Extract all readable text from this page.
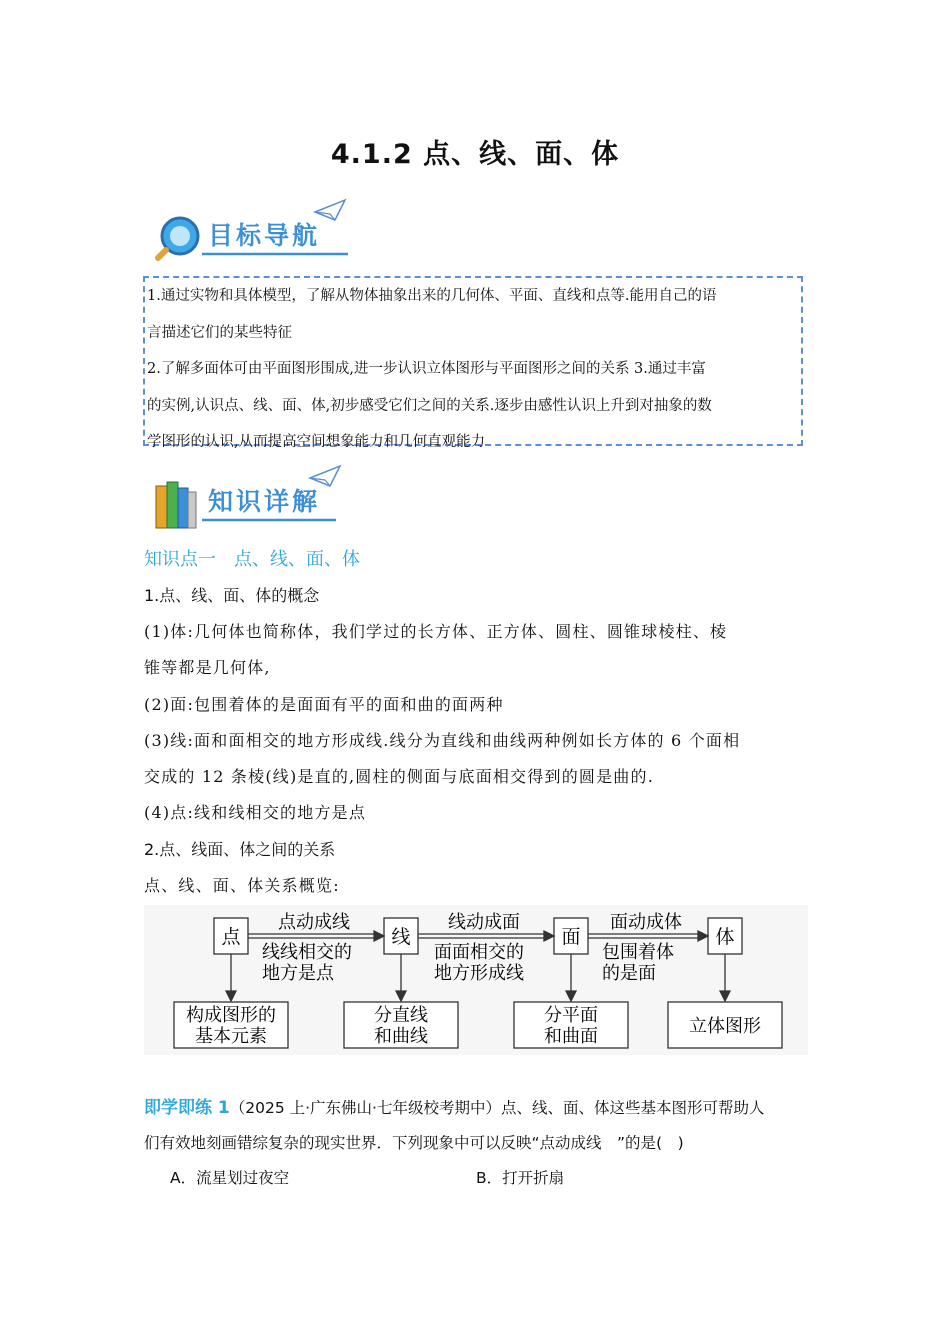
4.1.2 点、线、面、体
目标导航

1.通过实物和具体模型，了解从物体抽象出来的几何体、平面、直线和点等.能用自己的语

言描述它们的某些特征

2.了解多面体可由平面图形围成,进一步认识立体图形与平面图形之间的关系 3.通过丰富

的实例,认识点、线、面、体,初步感受它们之间的关系.逐步由感性认识上升到对抽象的数

学图形的认识,从而提高空间想象能力和几何直观能力

知识详解
知识点一　点、线、面、体
1.点、线、面、体的概念
(1)体:几何体也简称体，我们学过的长方体、正方体、圆柱、圆锥球棱柱、棱
锥等都是几何体,
(2)面:包围着体的是面面有平的面和曲的面两种
(3)线:面和面相交的地方形成线.线分为直线和曲线两种例如长方体的 6 个面相
交成的 12 条棱(线)是直的,圆柱的侧面与底面相交得到的圆是曲的.
(4)点:线和线相交的地方是点
2.点、线面、体之间的关系
点、线、面、体关系概览:
点	线	面	体
点动成线	线动成面	面动成体
线线相交的
地方是点
面面相交的
地方形成线
包围着体
的是面
构成图形的
基本元素
分直线
和曲线
分平面
和曲面	立体图形
即学即练 1（2025 上·广东佛山·七年级校考期中）点、线、面、体这些基本图形可帮助人
们有效地刻画错综复杂的现实世界．下列现象中可以反映“点动成线　”的是(　)
A．流星划过夜空	B．打开折扇
